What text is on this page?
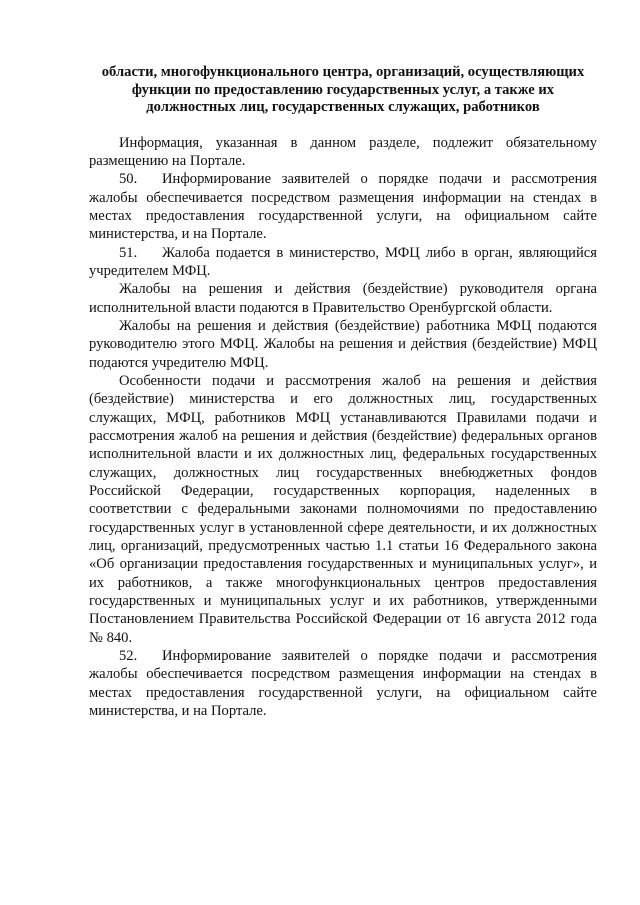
области, многофункционального центра, организаций, осуществляющих
функции по предоставлению государственных услуг, а также их
должностных лиц, государственных служащих, работников

Информация, указанная в данном разделе, подлежит обязательному размещению на Портале.

50. Информирование заявителей о порядке подачи и рассмотрения жалобы обеспечивается посредством размещения информации на стендах в местах предоставления государственной услуги, на официальном сайте министерства, и на Портале.

51. Жалоба подается в министерство, МФЦ либо в орган, являющийся учредителем МФЦ.

Жалобы на решения и действия (бездействие) руководителя органа исполнительной власти подаются в Правительство Оренбургской области.

Жалобы на решения и действия (бездействие) работника МФЦ подаются руководителю этого МФЦ. Жалобы на решения и действия (бездействие) МФЦ подаются учредителю МФЦ.

Особенности подачи и рассмотрения жалоб на решения и действия (бездействие) министерства и его должностных лиц, государственных служащих, МФЦ, работников МФЦ устанавливаются Правилами подачи и рассмотрения жалоб на решения и действия (бездействие) федеральных органов исполнительной власти и их должностных лиц, федеральных государственных служащих, должностных лиц государственных внебюджетных фондов Российской Федерации, государственных корпорация, наделенных в соответствии с федеральными законами полномочиями по предоставлению государственных услуг в установленной сфере деятельности, и их должностных лиц, организаций, предусмотренных частью 1.1 статьи 16 Федерального закона «Об организации предоставления государственных и муниципальных услуг», и их работников, а также многофункциональных центров предоставления государственных и муниципальных услуг и их работников, утвержденными Постановлением Правительства Российской Федерации от 16 августа 2012 года № 840.

52. Информирование заявителей о порядке подачи и рассмотрения жалобы обеспечивается посредством размещения информации на стендах в местах предоставления государственной услуги, на официальном сайте министерства, и на Портале.
